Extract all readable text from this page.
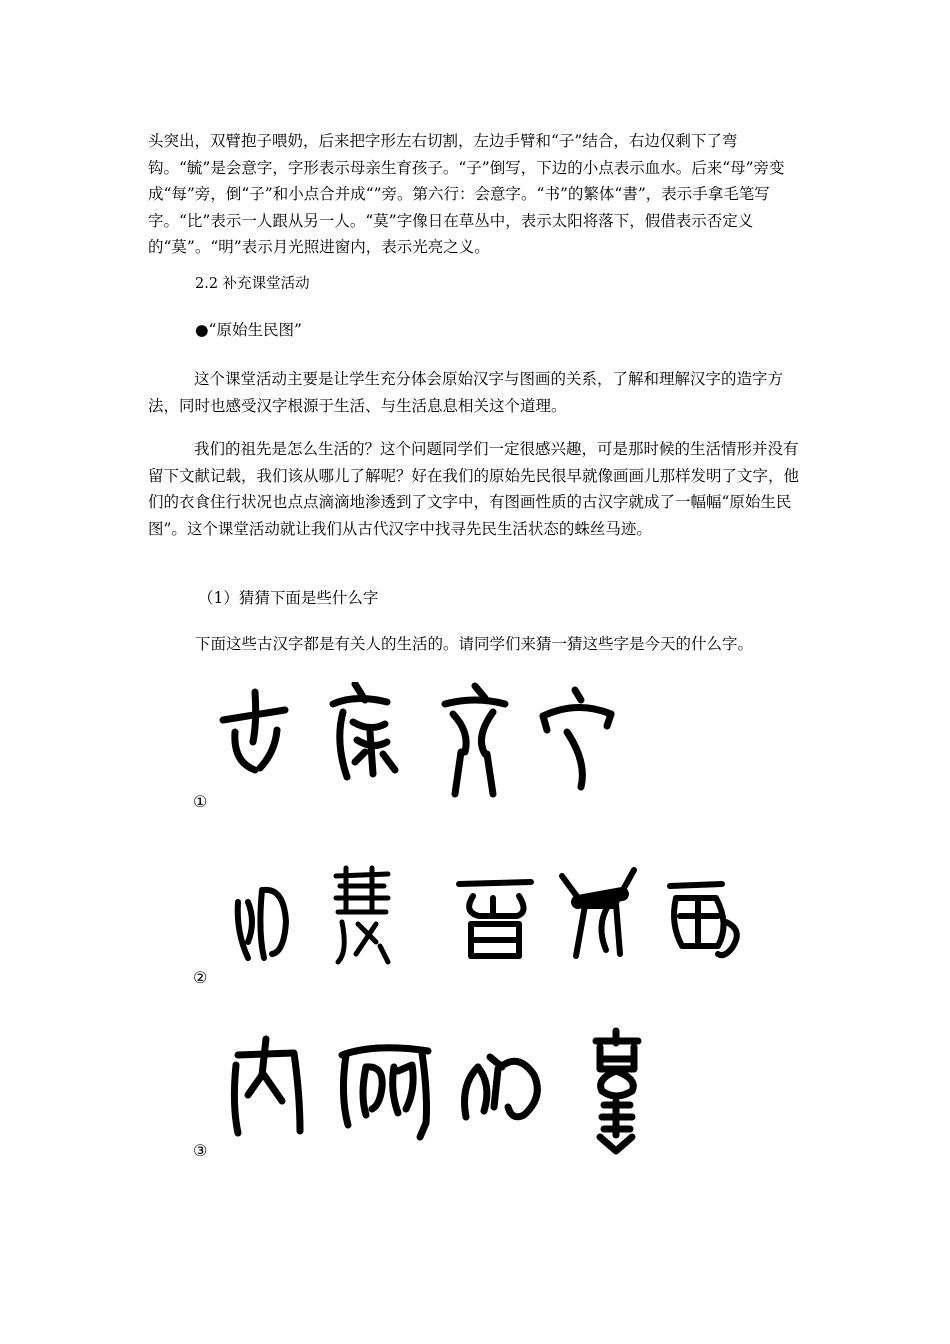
头突出，双臂抱子喂奶，后来把字形左右切割，左边手臂和“子”结合，右边仅剩下了弯钩。“毓”是会意字，字形表示母亲生育孩子。“子”倒写，下边的小点表示血水。后来“母”旁变成“每”旁，倒“子”和小点合并成“”旁。第六行：会意字。“书”的繁体“書”，表示手拿毛笔写字。“比”表示一人跟从另一人。“莫”字像日在草丛中，表示太阳将落下，假借表示否定义的“莫”。“明”表示月光照进窗内，表示光亮之义。

2.2 补充课堂活动

●“原始生民图”

这个课堂活动主要是让学生充分体会原始汉字与图画的关系，了解和理解汉字的造字方法，同时也感受汉字根源于生活、与生活息息相关这个道理。

我们的祖先是怎么生活的？这个问题同学们一定很感兴趣，可是那时候的生活情形并没有留下文献记载，我们该从哪儿了解呢？好在我们的原始先民很早就像画画儿那样发明了文字，他们的衣食住行状况也点点滴滴地渗透到了文字中，有图画性质的古汉字就成了一幅幅“原始生民图”。这个课堂活动就让我们从古代汉字中找寻先民生活状态的蛛丝马迹。

（1）猜猜下面是些什么字

下面这些古汉字都是有关人的生活的。请同学们来猜一猜这些字是今天的什么字。

①
②
③
